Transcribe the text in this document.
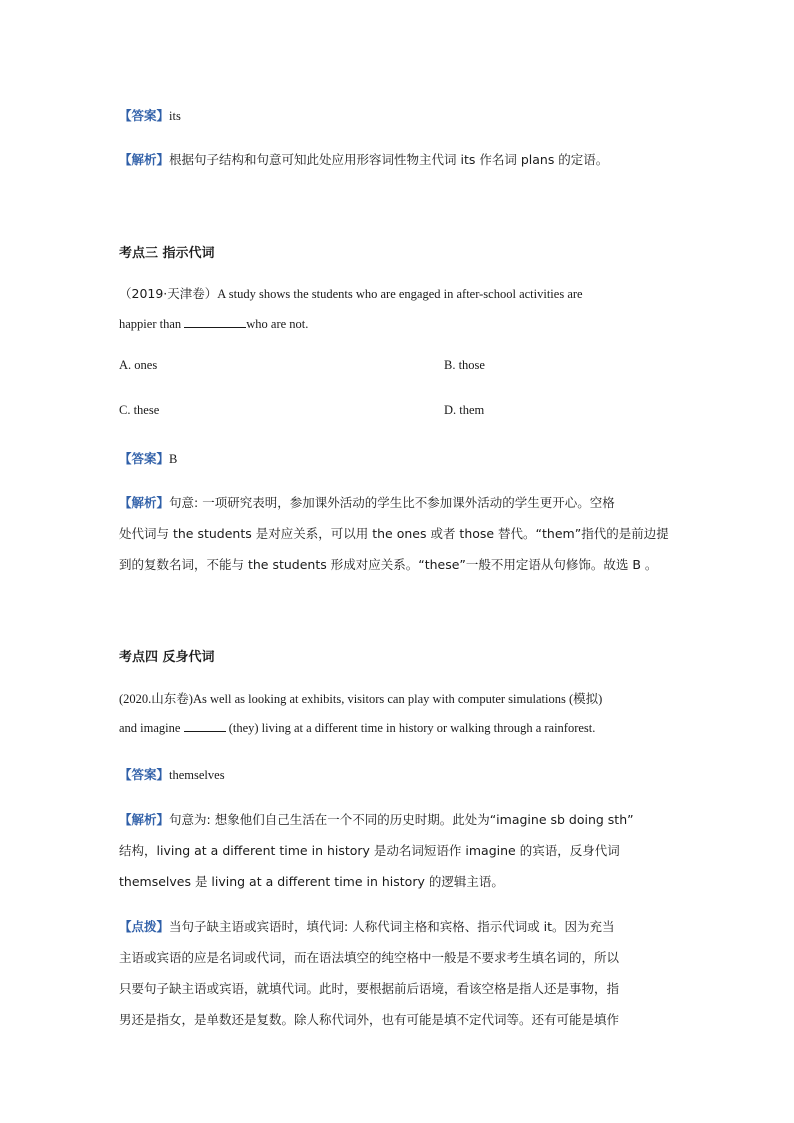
【答案】its
【解析】根据句子结构和句意可知此处应用形容词性物主代词 its 作名词 plans 的定语。
考点三 指示代词
（2019·天津卷）A study shows the students who are engaged in after-school activities are
happier than	who are not.
A. ones	B. those
C. these	D. them
【答案】B
【解析】句意: 一项研究表明，参加课外活动的学生比不参加课外活动的学生更开心。空格
处代词与 the students 是对应关系，可以用 the ones 或者 those 替代。“them”指代的是前边提
到的复数名词，不能与 the students 形成对应关系。“these”一般不用定语从句修饰。故选 B 。
考点四 反身代词
(2020.山东卷)As well as looking at exhibits, visitors can play with computer simulations (模拟)
and imagine	(they) living at a different time in history or walking through a rainforest.
【答案】themselves
【解析】句意为: 想象他们自己生活在一个不同的历史时期。此处为“imagine sb doing sth”
结构，living at a different time in history 是动名词短语作 imagine 的宾语，反身代词
themselves 是 living at a different time in history 的逻辑主语。
【点拨】当句子缺主语或宾语时，填代词: 人称代词主格和宾格、指示代词或 it。因为充当
主语或宾语的应是名词或代词，而在语法填空的纯空格中一般是不要求考生填名词的，所以
只要句子缺主语或宾语，就填代词。此时，要根据前后语境，看该空格是指人还是事物，指
男还是指女，是单数还是复数。除人称代词外，也有可能是填不定代词等。还有可能是填作
